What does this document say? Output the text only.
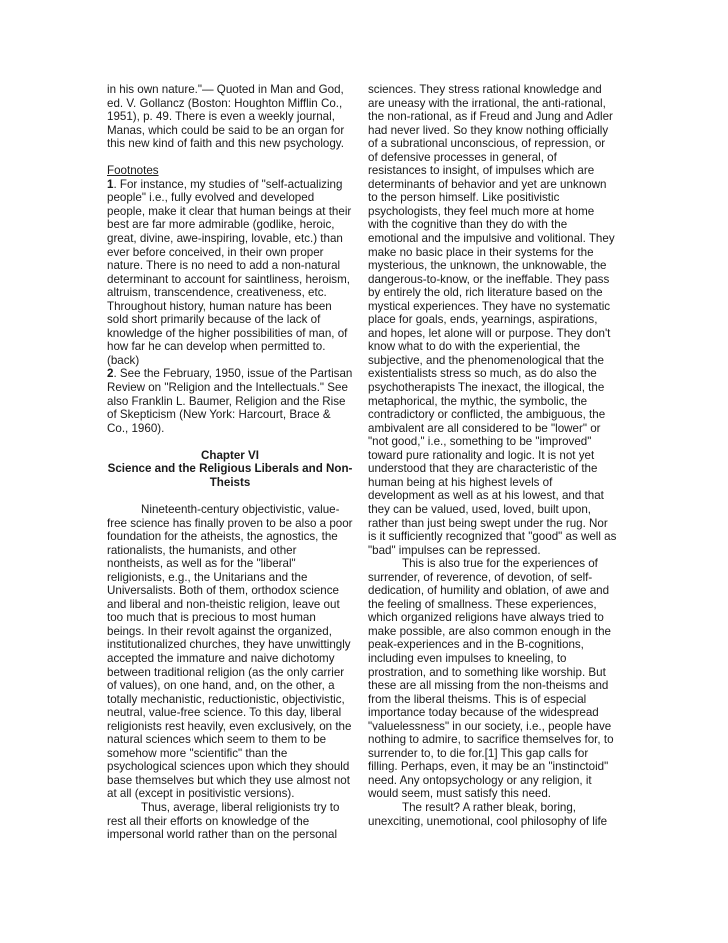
in his own nature."— Quoted in Man and God, ed. V. Gollancz (Boston: Houghton Mifflin Co., 1951), p. 49. There is even a weekly journal, Manas, which could be said to be an organ for this new kind of faith and this new psychology.

Footnotes

1. For instance, my studies of "self-actualizing people" i.e., fully evolved and developed people, make it clear that human beings at their best are far more admirable (godlike, heroic, great, divine, awe-inspiring, lovable, etc.) than ever before conceived, in their own proper nature. There is no need to add a non-natural determinant to account for saintliness, heroism, altruism, transcendence, creativeness, etc. Throughout history, human nature has been sold short primarily because of the lack of knowledge of the higher possibilities of man, of how far he can develop when permitted to. (back)

2. See the February, 1950, issue of the Partisan Review on "Religion and the Intellectuals." See also Franklin L. Baumer, Religion and the Rise of Skepticism (New York: Harcourt, Brace & Co., 1960).

Chapter VI

Science and the Religious Liberals and Non-Theists

Nineteenth-century objectivistic, value-free science has finally proven to be also a poor foundation for the atheists, the agnostics, the rationalists, the humanists, and other nontheists, as well as for the "liberal" religionists, e.g., the Unitarians and the Universalists. Both of them, orthodox science and liberal and non-theistic religion, leave out too much that is precious to most human beings. In their revolt against the organized, institutionalized churches, they have unwittingly accepted the immature and naive dichotomy between traditional religion (as the only carrier of values), on one hand, and, on the other, a totally mechanistic, reductionistic, objectivistic, neutral, value-free science. To this day, liberal religionists rest heavily, even exclusively, on the natural sciences which seem to them to be somehow more "scientific" than the psychological sciences upon which they should base themselves but which they use almost not at all (except in positivistic versions).

Thus, average, liberal religionists try to rest all their efforts on knowledge of the impersonal world rather than on the personal

sciences. They stress rational knowledge and are uneasy with the irrational, the anti-rational, the non-rational, as if Freud and Jung and Adler had never lived. So they know nothing officially of a subrational unconscious, of repression, or of defensive processes in general, of resistances to insight, of impulses which are determinants of behavior and yet are unknown to the person himself. Like positivistic psychologists, they feel much more at home with the cognitive than they do with the emotional and the impulsive and volitional. They make no basic place in their systems for the mysterious, the unknown, the unknowable, the dangerous-to-know, or the ineffable. They pass by entirely the old, rich literature based on the mystical experiences. They have no systematic place for goals, ends, yearnings, aspirations, and hopes, let alone will or purpose. They don't know what to do with the experiential, the subjective, and the phenomenological that the existentialists stress so much, as do also the psychotherapists The inexact, the illogical, the metaphorical, the mythic, the symbolic, the contradictory or conflicted, the ambiguous, the ambivalent are all considered to be "lower" or "not good," i.e., something to be "improved" toward pure rationality and logic. It is not yet understood that they are characteristic of the human being at his highest levels of development as well as at his lowest, and that they can be valued, used, loved, built upon, rather than just being swept under the rug. Nor is it sufficiently recognized that "good" as well as "bad" impulses can be repressed.

This is also true for the experiences of surrender, of reverence, of devotion, of self-dedication, of humility and oblation, of awe and the feeling of smallness. These experiences, which organized religions have always tried to make possible, are also common enough in the peak-experiences and in the B-cognitions, including even impulses to kneeling, to prostration, and to something like worship. But these are all missing from the non-theisms and from the liberal theisms. This is of especial importance today because of the widespread "valuelessness" in our society, i.e., people have nothing to admire, to sacrifice themselves for, to surrender to, to die for.[1] This gap calls for filling. Perhaps, even, it may be an "instinctoid" need. Any ontopsychology or any religion, it would seem, must satisfy this need.

The result? A rather bleak, boring, unexciting, unemotional, cool philosophy of life
